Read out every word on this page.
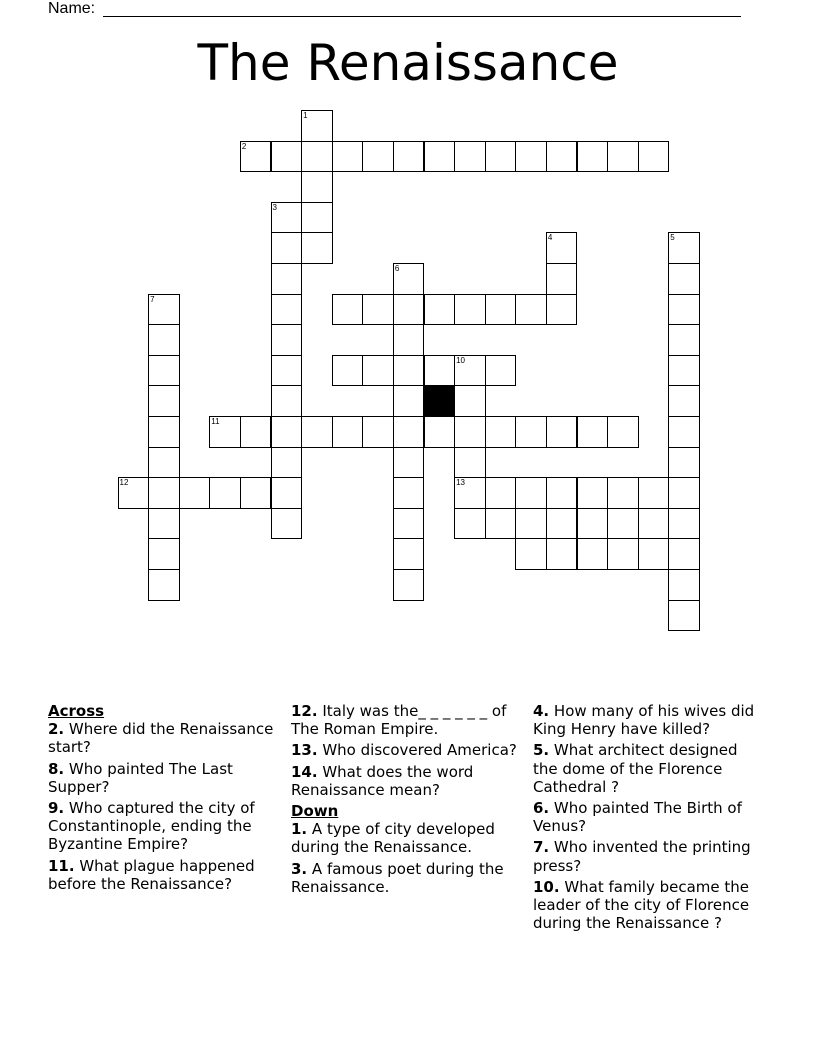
Name:
The Renaissance
1
2
3
4	5
6
7
10
13
11
12

Across

2. Where did the Renaissance start?

8. Who painted The Last Supper?

9. Who captured the city of Constantinople, ending the Byzantine Empire?

11. What plague happened before the Renaissance?

12. Italy was the_ _ _ _ _ _ of The Roman Empire.

13. Who discovered America?

14. What does the word Renaissance mean?

Down

1. A type of city developed during the Renaissance.

3. A famous poet during the Renaissance.

4. How many of his wives did King Henry have killed?

5. What architect designed the dome of the Florence Cathedral ?

6. Who painted The Birth of Venus?

7. Who invented the printing press?

10. What family became the leader of the city of Florence during the Renaissance ?
